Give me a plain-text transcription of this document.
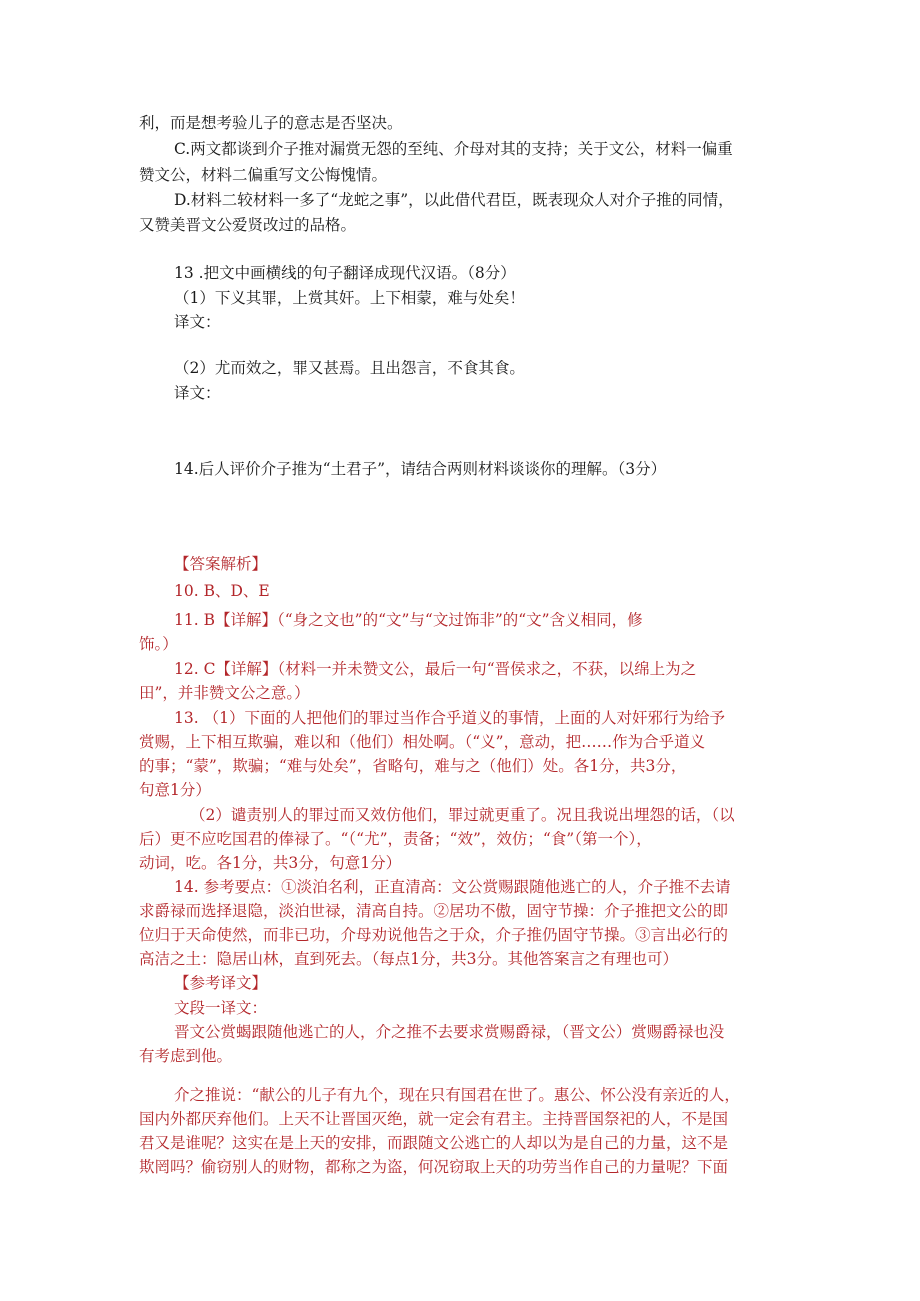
利，而是想考验儿子的意志是否坚决。
C.两文都谈到介子推对漏赏无怨的至纯、介母对其的支持；关于文公，材料一偏重
赞文公，材料二偏重写文公悔愧情。
D.材料二较材料一多了“龙蛇之事”，以此借代君臣，既表现众人对介子推的同情，
又赞美晋文公爱贤改过的品格。
13 .把文中画横线的句子翻译成现代汉语。（8分）
（1）下义其罪，上赏其奸。上下相蒙，难与处矣！
译文：
（2）尤而效之，罪又甚焉。且出怨言，不食其食。
译文：
14.后人评价介子推为“土君子”，请结合两则材料谈谈你的理解。（3分）
【答案解析】
10. B、D、E
11. B【详解】（“身之文也”的“文”与“文过饰非”的“文”含义相同，修
饰。）
12. C【详解】（材料一并未赞文公，最后一句“晋侯求之，不获，以绵上为之
田”，并非赞文公之意。）
13. （1）下面的人把他们的罪过当作合乎道义的事情，上面的人对奸邪行为给予
赏赐，上下相互欺骗，难以和（他们）相处啊。（“义”，意动，把……作为合乎道义
的事；“蒙”，欺骗；“难与处矣”，省略句，难与之（他们）处。各1分，共3分，
句意1分）
（2）谴责别人的罪过而又效仿他们，罪过就更重了。况且我说出埋怨的话，（以
后）更不应吃国君的俸禄了。“（“尤”，责备；“效”，效仿；“食”（第一个），
动词，吃。各1分，共3分，句意1分）
14. 参考要点：①淡泊名利，正直清高：文公赏赐跟随他逃亡的人，介子推不去请
求爵禄而选择退隐，淡泊世禄，清高自持。②居功不傲，固守节操：介子推把文公的即
位归于天命使然，而非已功，介母劝说他告之于众，介子推仍固守节操。③言出必行的
高洁之土：隐居山林，直到死去。（每点1分，共3分。其他答案言之有理也可）
【参考译文】
文段一译文：
晋文公赏蝎跟随他逃亡的人，介之推不去要求赏赐爵禄，（晋文公）赏赐爵禄也没
有考虑到他。
介之推说：“献公的儿子有九个，现在只有国君在世了。惠公、怀公没有亲近的人，
国内外都厌弃他们。上天不让晋国灭绝，就一定会有君主。主持晋国祭祀的人，不是国
君又是谁呢？这实在是上天的安排，而跟随文公逃亡的人却以为是自己的力量，这不是
欺罔吗？偷窃别人的财物，都称之为盗，何况窃取上天的功劳当作自己的力量呢？下面
